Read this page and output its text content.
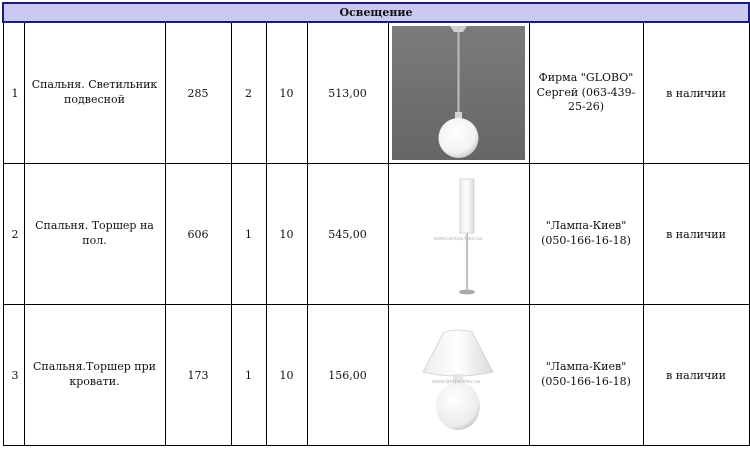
Освещение								
1	Спальня. Светильник подвесной	285	2	10	513,00		Фирма "GLOBO" Сергей (063-439-25-26)	в наличии
2	Спальня. Торшер на пол.	606	1	10	545,00	www.lampa.kiev.ua	"Лампа-Киев" (050-166-16-18)	в наличии
3	Спальня.Торшер при кровати.	173	1	10	156,00	www.lampa.kiev.ua	"Лампа-Киев" (050-166-16-18)	в наличии
